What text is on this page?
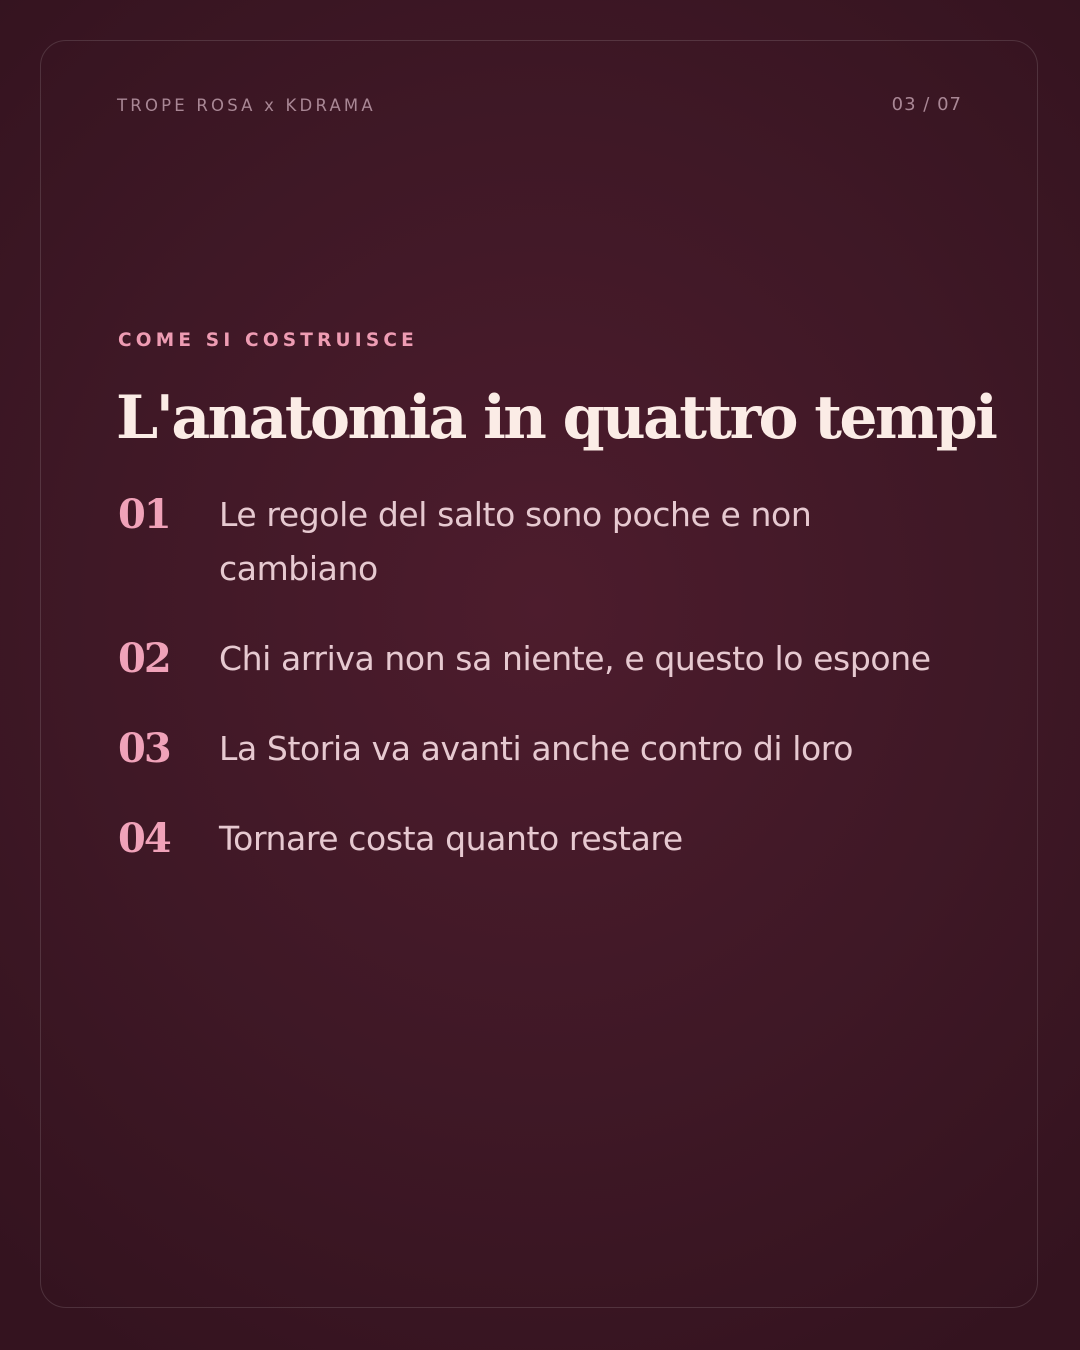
TROPE ROSA x KDRAMA	03 / 07
COME SI COSTRUISCE
L'anatomia in quattro tempi
01	Le regole del salto sono poche e non cambiano
02	Chi arriva non sa niente, e questo lo espone
03	La Storia va avanti anche contro di loro
04	Tornare costa quanto restare
